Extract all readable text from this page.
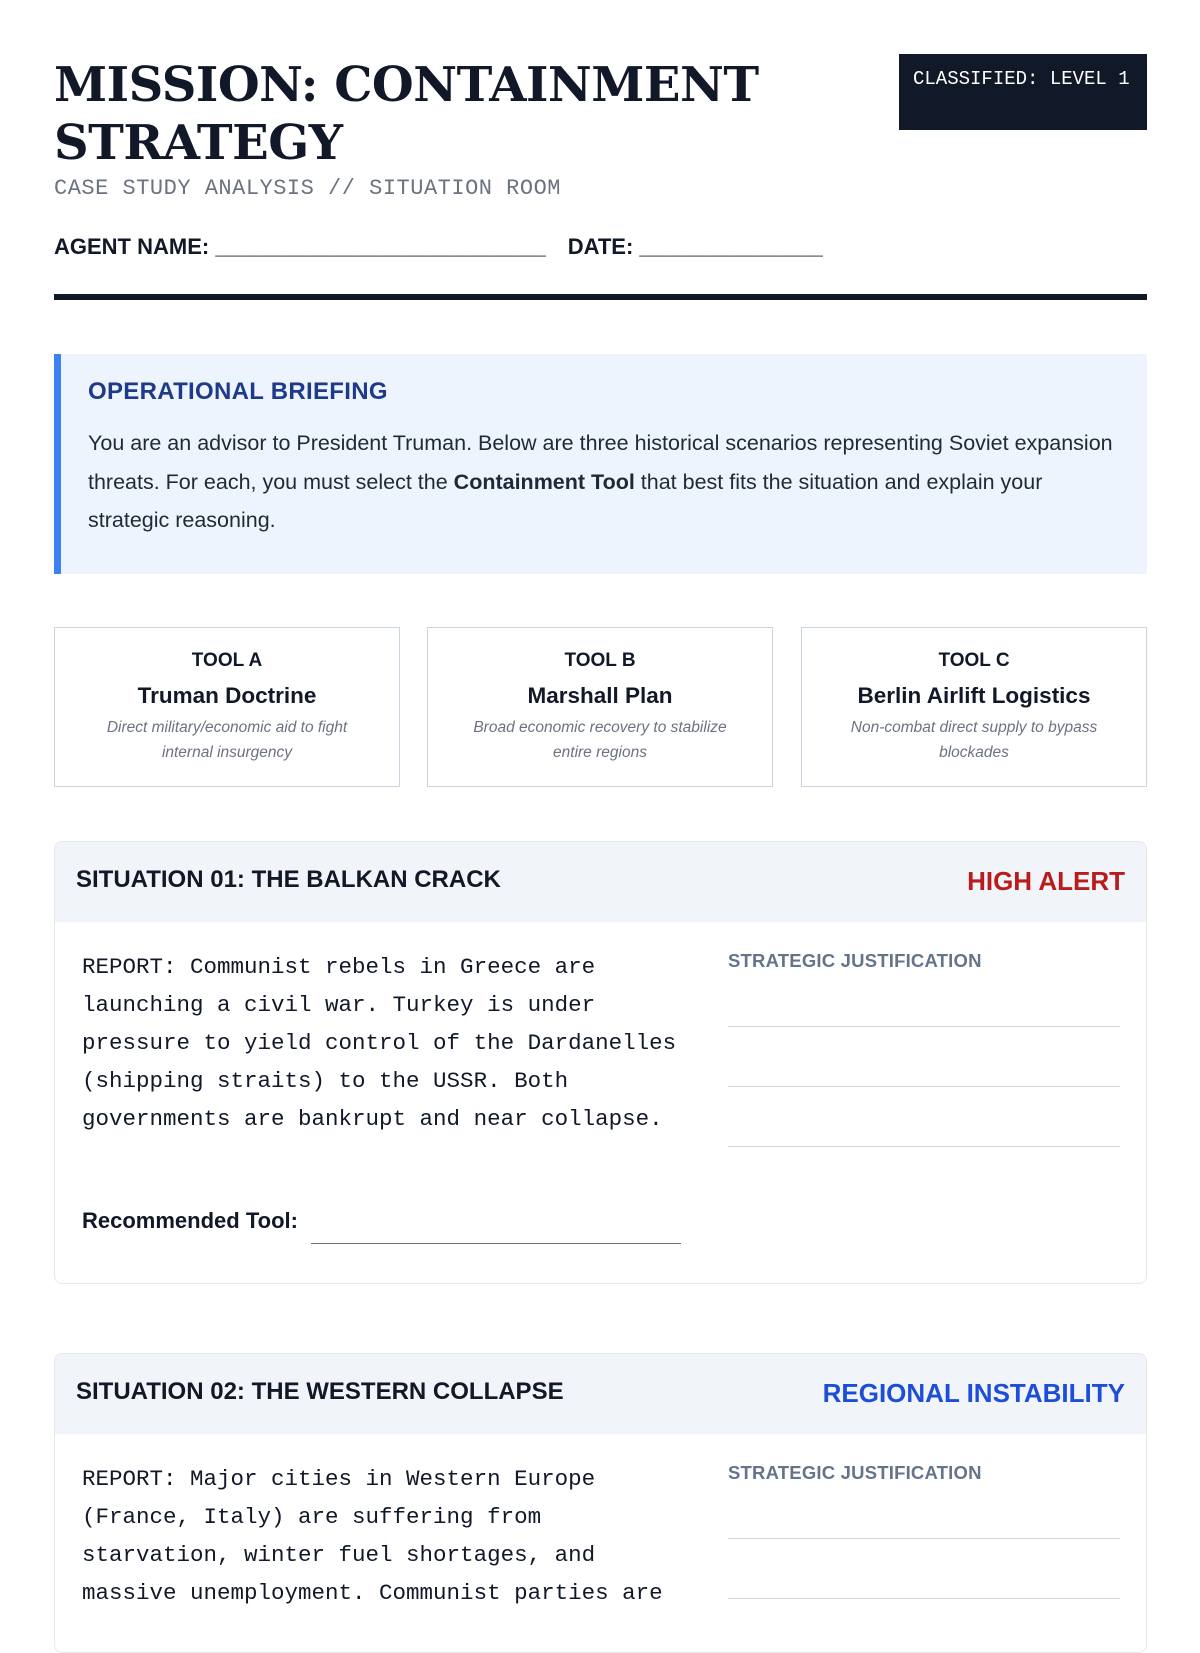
MISSION: CONTAINMENT STRATEGY
CASE STUDY ANALYSIS // SITUATION ROOM
CLASSIFIED: LEVEL 1
AGENT NAME: ___________________________ DATE: _______________
OPERATIONAL BRIEFING

You are an advisor to President Truman. Below are three historical scenarios representing Soviet expansion threats. For each, you must select the Containment Tool that best fits the situation and explain your strategic reasoning.

TOOL A
Truman Doctrine
Direct military/economic aid to fight internal insurgency
TOOL B
Marshall Plan
Broad economic recovery to stabilize entire regions
TOOL C
Berlin Airlift Logistics
Non-combat direct supply to bypass blockades
SITUATION 01: THE BALKAN CRACK	HIGH ALERT
REPORT: Communist rebels in Greece are launching a civil war. Turkey is under pressure to yield control of the Dardanelles (shipping straits) to the USSR. Both governments are bankrupt and near collapse.
Recommended Tool:
STRATEGIC JUSTIFICATION
SITUATION 02: THE WESTERN COLLAPSE	REGIONAL INSTABILITY
REPORT: Major cities in Western Europe (France, Italy) are suffering from starvation, winter fuel shortages, and massive unemployment. Communist parties are
STRATEGIC JUSTIFICATION
